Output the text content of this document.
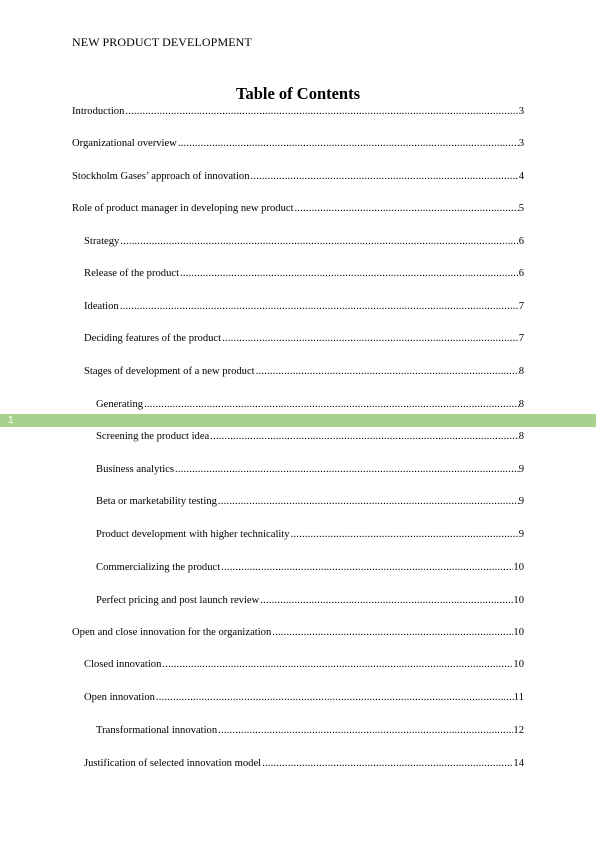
NEW PRODUCT DEVELOPMENT
Table of Contents
1
Introduction .....	3
Organizational overview .....	3
Stockholm Gases’ approach of innovation .....	4
Role of product manager in developing new product .....	5
Strategy .....	6
Release of the product .....	6
Ideation .....	7
Deciding features of the product .....	7
Stages of development of a new product .....	8
Generating .....	8
Screening the product idea .....	8
Business analytics .....	9
Beta or marketability testing .....	9
Product development with higher technicality .....	9
Commercializing the product .....	10
Perfect pricing and post launch review .....	10
Open and close innovation for the organization .....	10
Closed innovation .....	10
Open innovation .....	11
Transformational innovation .....	12
Justification of selected innovation model .....	14
